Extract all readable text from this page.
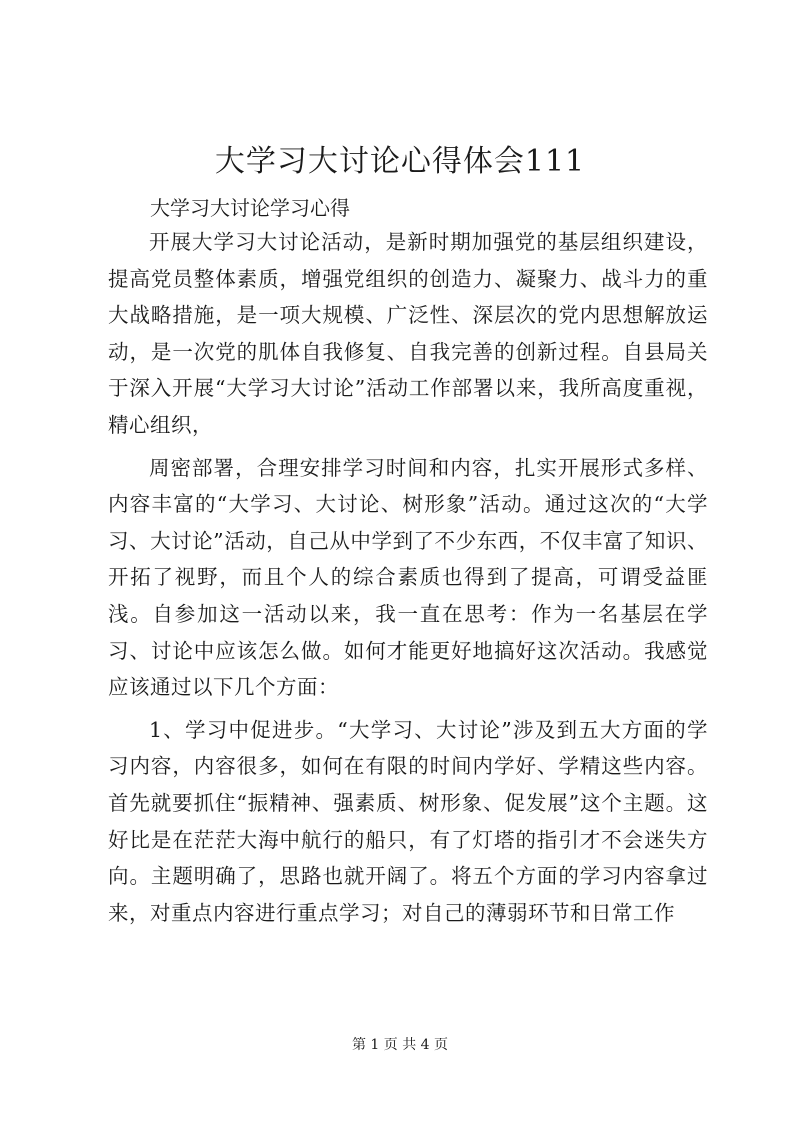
大学习大讨论心得体会111

大学习大讨论学习心得

开展大学习大讨论活动，是新时期加强党的基层组织建设，提高党员整体素质，增强党组织的创造力、凝聚力、战斗力的重大战略措施，是一项大规模、广泛性、深层次的党内思想解放运动，是一次党的肌体自我修复、自我完善的创新过程。自县局关于深入开展“大学习大讨论”活动工作部署以来，我所高度重视，精心组织，

周密部署，合理安排学习时间和内容，扎实开展形式多样、内容丰富的“大学习、大讨论、树形象”活动。通过这次的“大学习、大讨论”活动，自己从中学到了不少东西，不仅丰富了知识、开拓了视野，而且个人的综合素质也得到了提高，可谓受益匪浅。自参加这一活动以来，我一直在思考：作为一名基层在学习、讨论中应该怎么做。如何才能更好地搞好这次活动。我感觉应该通过以下几个方面：

1、学习中促进步。“大学习、大讨论”涉及到五大方面的学习内容，内容很多，如何在有限的时间内学好、学精这些内容。首先就要抓住“振精神、强素质、树形象、促发展”这个主题。这好比是在茫茫大海中航行的船只，有了灯塔的指引才不会迷失方向。主题明确了，思路也就开阔了。将五个方面的学习内容拿过来，对重点内容进行重点学习；对自己的薄弱环节和日常工作

第 1 页 共 4 页
